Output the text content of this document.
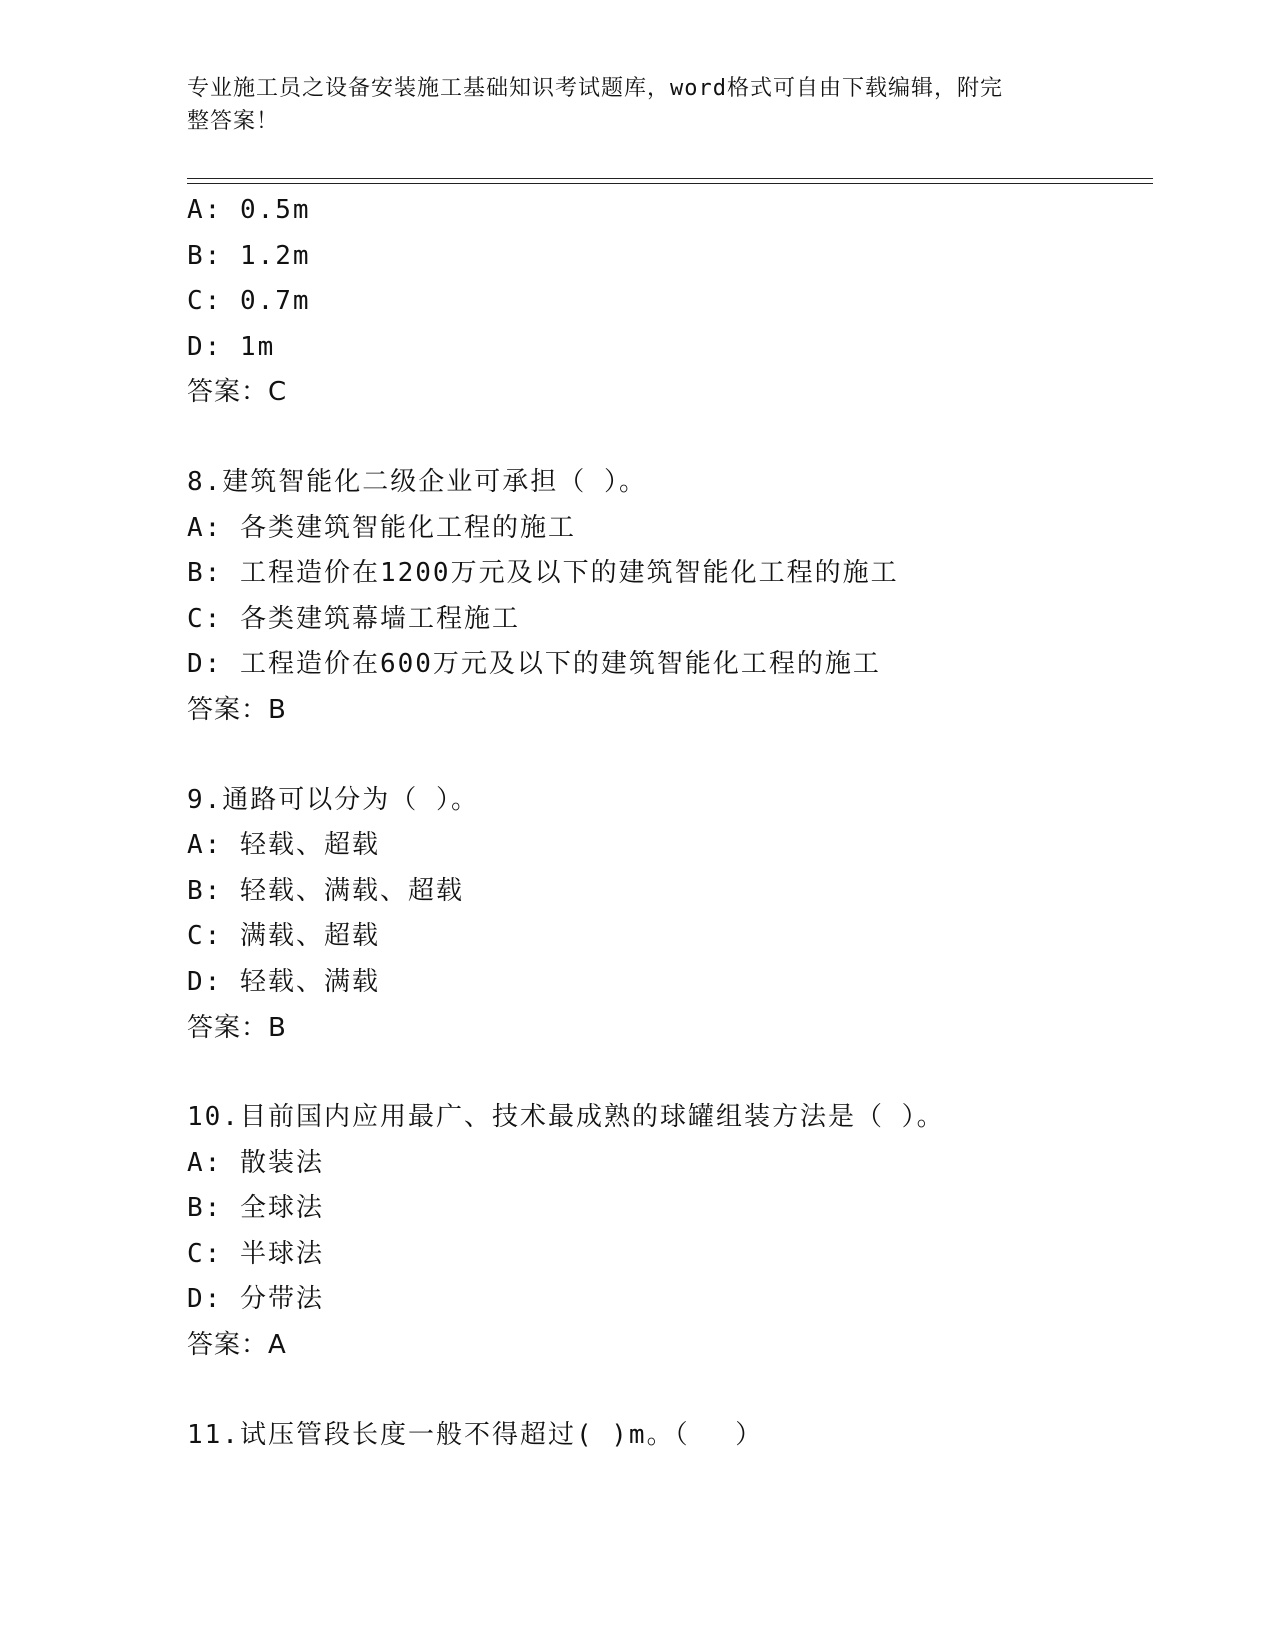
专业施工员之设备安装施工基础知识考试题库，word格式可自由下载编辑，附完
整答案！
A: 0.5m
B: 1.2m
C: 0.7m
D: 1m
答案：C
8.建筑智能化二级企业可承担（ ）。
A: 各类建筑智能化工程的施工
B: 工程造价在1200万元及以下的建筑智能化工程的施工
C: 各类建筑幕墙工程施工
D: 工程造价在600万元及以下的建筑智能化工程的施工
答案：B
9.通路可以分为（ ）。
A: 轻载、超载
B: 轻载、满载、超载
C: 满载、超载
D: 轻载、满载
答案：B
10.目前国内应用最广、技术最成熟的球罐组装方法是（ ）。
A: 散装法
B: 全球法
C: 半球法
D: 分带法
答案：A
11.试压管段长度一般不得超过( )m。（　 ）
